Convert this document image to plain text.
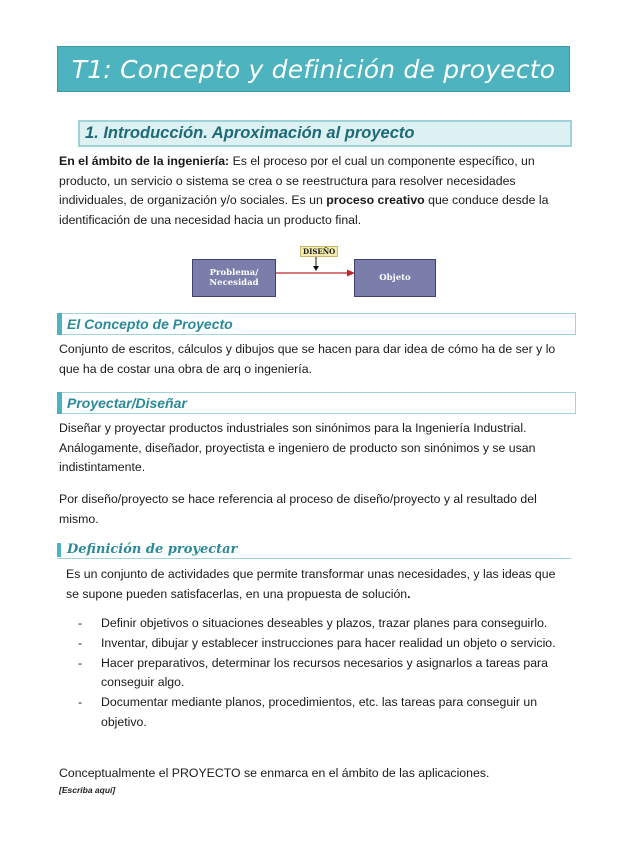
T1: Concepto y definición de proyecto
1. Introducción. Aproximación al proyecto

En el ámbito de la ingeniería: Es el proceso por el cual un componente específico, un producto, un servicio o sistema se crea o se reestructura para resolver necesidades individuales, de organización y/o sociales. Es un proceso creativo que conduce desde la identificación de una necesidad hacia un producto final.

DISEÑO
Problema/
Necesidad	Objeto
El Concepto de Proyecto

Conjunto de escritos, cálculos y dibujos que se hacen para dar idea de cómo ha de ser y lo que ha de costar una obra de arq o ingeniería.

Proyectar/Diseñar

Diseñar y proyectar productos industriales son sinónimos para la Ingeniería Industrial. Análogamente, diseñador, proyectista e ingeniero de producto son sinónimos y se usan indistintamente.

Por diseño/proyecto se hace referencia al proceso de diseño/proyecto y al resultado del mismo.

Definición de proyectar

Es un conjunto de actividades que permite transformar unas necesidades, y las ideas que se supone pueden satisfacerlas, en una propuesta de solución.

- Definir objetivos o situaciones deseables y plazos, trazar planes para conseguirlo.
- Inventar, dibujar y establecer instrucciones para hacer realidad un objeto o servicio.
- Hacer preparativos, determinar los recursos necesarios y asignarlos a tareas para conseguir algo.
- Documentar mediante planos, procedimientos, etc. las tareas para conseguir un objetivo.

Conceptualmente el PROYECTO se enmarca en el ámbito de las aplicaciones.

[Escriba aquí]
